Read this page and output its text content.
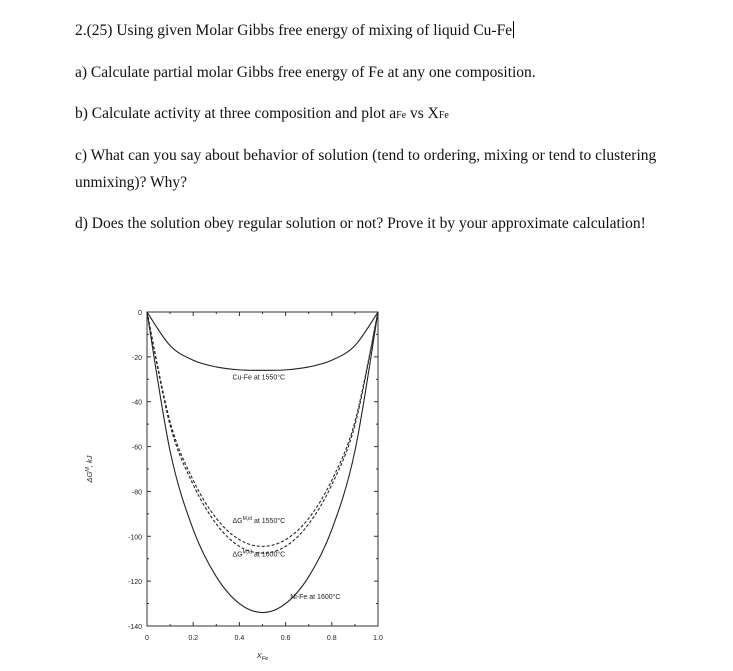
2.(25) Using given Molar Gibbs free energy of mixing of liquid Cu-Fe

a) Calculate partial molar Gibbs free energy of Fe at any one composition.

b) Calculate activity at three composition and plot aFe vs XFe

c) What can you say about behavior of solution (tend to ordering, mixing or tend to clustering

unmixing)? Why?

d) Does the solution obey regular solution or not? Prove it by your approximate calculation!

0
-20
-40
-60
-80
-100
-120
-140
0	0.2	0.4	0.6	0.8	1.0
$X_{Fe}$
$\Delta G^M$, kJ
Cu-Fe at 1550°C
$\Delta G^{M,id}$ at 1550°C
$\Delta G^{M,id}$ at 1600°C
Ni-Fe at 1600°C
